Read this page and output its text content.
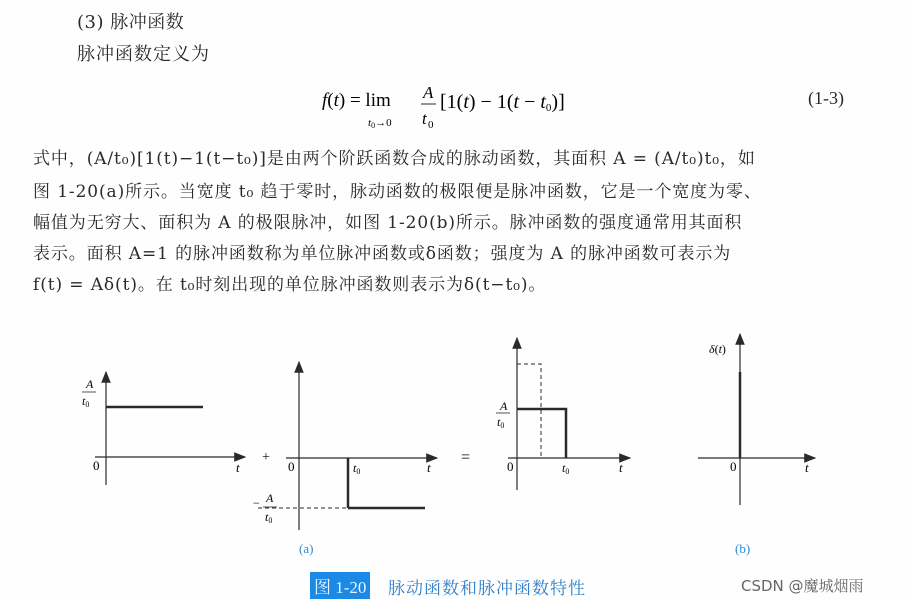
(3) 脉冲函数
脉冲函数定义为
f(t) = lim
t0→0
A
t 0
[1(t) − 1(t − t0)]	(1-3)
式中，(A/t₀)[1(t)−1(t−t₀)]是由两个阶跃函数合成的脉动函数，其面积 A = (A/t₀)t₀，如
图 1-20(a)所示。当宽度 t₀ 趋于零时，脉动函数的极限便是脉冲函数，它是一个宽度为零、
幅值为无穷大、面积为 A 的极限脉冲，如图 1-20(b)所示。脉冲函数的强度通常用其面积
表示。面积 A=1 的脉冲函数称为单位脉冲函数或δ函数；强度为 A 的脉冲函数可表示为
f(t) = Aδ(t)。在 t₀时刻出现的单位脉冲函数则表示为δ(t−t₀)。
A
t0
0	t
+
− A
t0
0	t0	t
=
A
t0
0	t0	t
δ(t)
0	t
(a)	(b)
图 1-20 脉动函数和脉冲函数特性	CSDN @魔城烟雨
